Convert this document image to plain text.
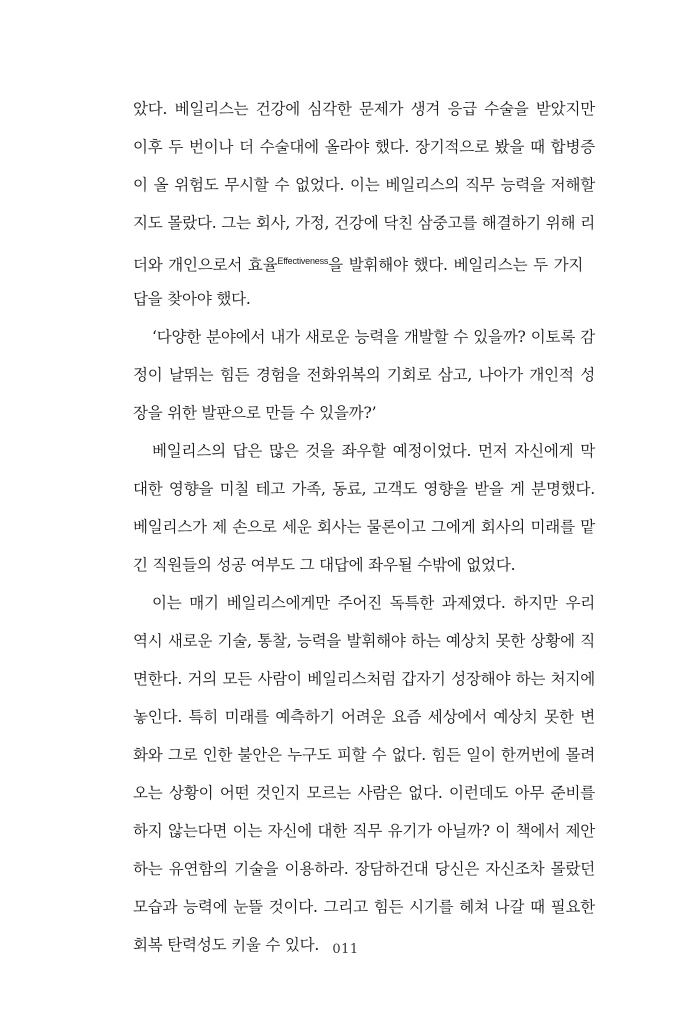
았다. 베일리스는 건강에 심각한 문제가 생겨 응급 수술을 받았지만
이후 두 번이나 더 수술대에 올라야 했다. 장기적으로 봤을 때 합병증
이 올 위험도 무시할 수 없었다. 이는 베일리스의 직무 능력을 저해할
지도 몰랐다. 그는 회사, 가정, 건강에 닥친 삼중고를 해결하기 위해 리
더와 개인으로서 효율$^{Effectiveness}$을 발휘해야 했다. 베일리스는 두 가지
답을 찾아야 했다.
‘다양한 분야에서 내가 새로운 능력을 개발할 수 있을까? 이토록 감
정이 날뛰는 힘든 경험을 전화위복의 기회로 삼고, 나아가 개인적 성
장을 위한 발판으로 만들 수 있을까?’
베일리스의 답은 많은 것을 좌우할 예정이었다. 먼저 자신에게 막
대한 영향을 미칠 테고 가족, 동료, 고객도 영향을 받을 게 분명했다.
베일리스가 제 손으로 세운 회사는 물론이고 그에게 회사의 미래를 맡
긴 직원들의 성공 여부도 그 대답에 좌우될 수밖에 없었다.
이는 매기 베일리스에게만 주어진 독특한 과제였다. 하지만 우리
역시 새로운 기술, 통찰, 능력을 발휘해야 하는 예상치 못한 상황에 직
면한다. 거의 모든 사람이 베일리스처럼 갑자기 성장해야 하는 처지에
놓인다. 특히 미래를 예측하기 어려운 요즘 세상에서 예상치 못한 변
화와 그로 인한 불안은 누구도 피할 수 없다. 힘든 일이 한꺼번에 몰려
오는 상황이 어떤 것인지 모르는 사람은 없다. 이런데도 아무 준비를
하지 않는다면 이는 자신에 대한 직무 유기가 아닐까? 이 책에서 제안
하는 유연함의 기술을 이용하라. 장담하건대 당신은 자신조차 몰랐던
모습과 능력에 눈뜰 것이다. 그리고 힘든 시기를 헤쳐 나갈 때 필요한
회복 탄력성도 키울 수 있다.	011
